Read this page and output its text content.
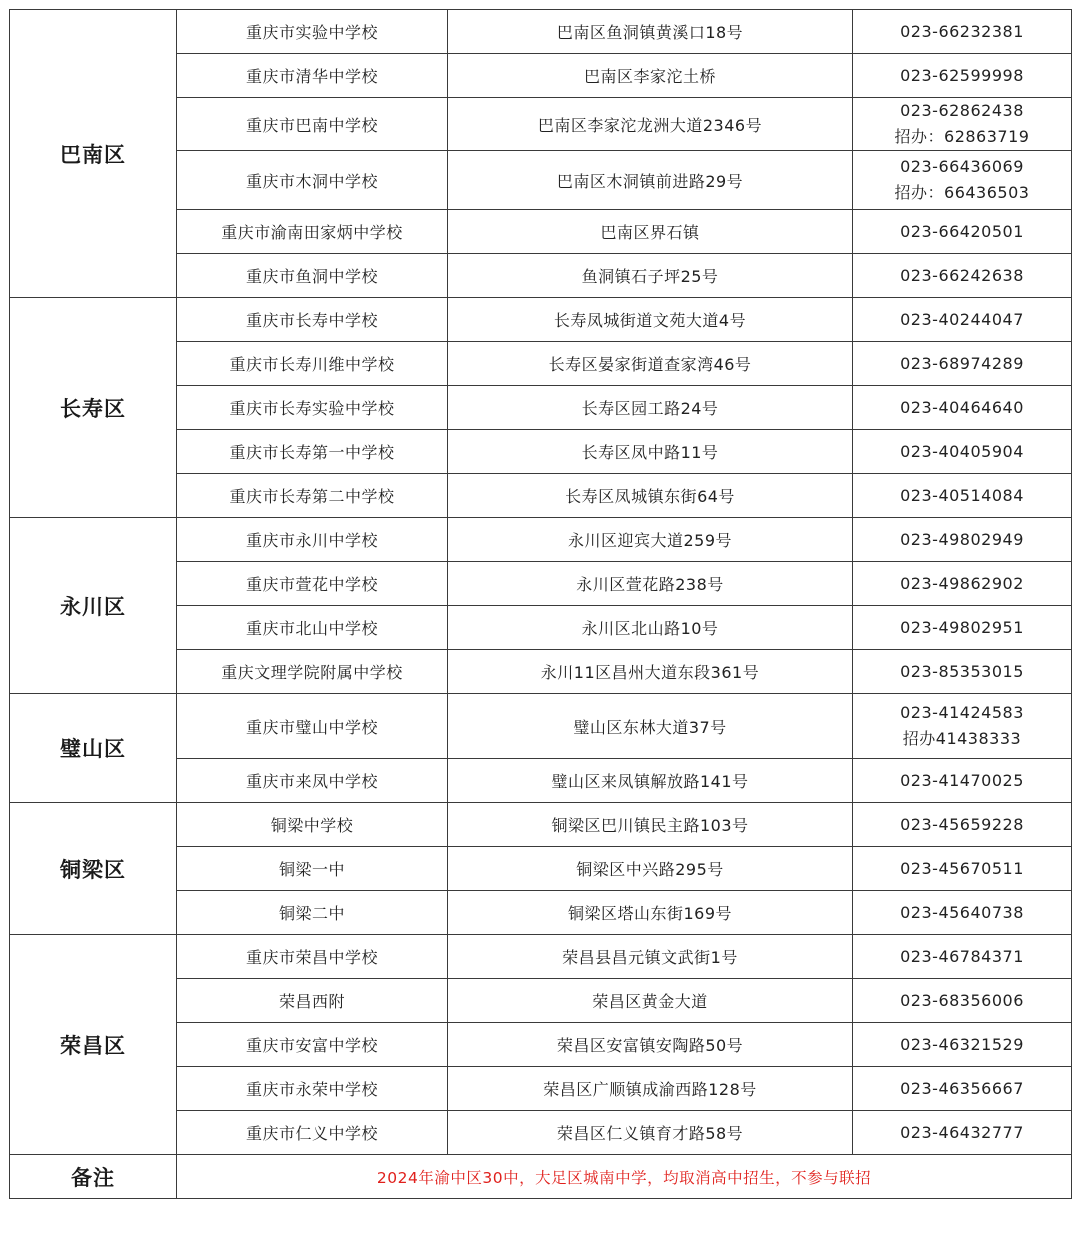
巴南区	重庆市实验中学校	巴南区鱼洞镇黄溪口18号	023-66232381

	重庆市清华中学校	巴南区李家沱土桥	023-62599998

	重庆市巴南中学校	巴南区李家沱龙洲大道2346号	023-62862438
招办：62863719

	重庆市木洞中学校	巴南区木洞镇前进路29号	023-66436069
招办：66436503

	重庆市渝南田家炳中学校	巴南区界石镇	023-66420501

	重庆市鱼洞中学校	鱼洞镇石子坪25号	023-66242638

长寿区	重庆市长寿中学校	长寿凤城街道文苑大道4号	023-40244047

	重庆市长寿川维中学校	长寿区晏家街道查家湾46号	023-68974289

	重庆市长寿实验中学校	长寿区园工路24号	023-40464640

	重庆市长寿第一中学校	长寿区凤中路11号	023-40405904

	重庆市长寿第二中学校	长寿区凤城镇东街64号	023-40514084

永川区	重庆市永川中学校	永川区迎宾大道259号	023-49802949

	重庆市萱花中学校	永川区萱花路238号	023-49862902

	重庆市北山中学校	永川区北山路10号	023-49802951

	重庆文理学院附属中学校	永川11区昌州大道东段361号	023-85353015

璧山区	重庆市璧山中学校	璧山区东林大道37号	023-41424583
招办41438333

	重庆市来凤中学校	璧山区来凤镇解放路141号	023-41470025

铜梁区	铜梁中学校	铜梁区巴川镇民主路103号	023-45659228

	铜梁一中	铜梁区中兴路295号	023-45670511

	铜梁二中	铜梁区塔山东街169号	023-45640738

荣昌区	重庆市荣昌中学校	荣昌县昌元镇文武街1号	023-46784371

	荣昌西附	荣昌区黄金大道	023-68356006

	重庆市安富中学校	荣昌区安富镇安陶路50号	023-46321529

	重庆市永荣中学校	荣昌区广顺镇成渝西路128号	023-46356667

	重庆市仁义中学校	荣昌区仁义镇育才路58号	023-46432777

备注	2024年渝中区30中，大足区城南中学，均取消高中招生，不参与联招		
